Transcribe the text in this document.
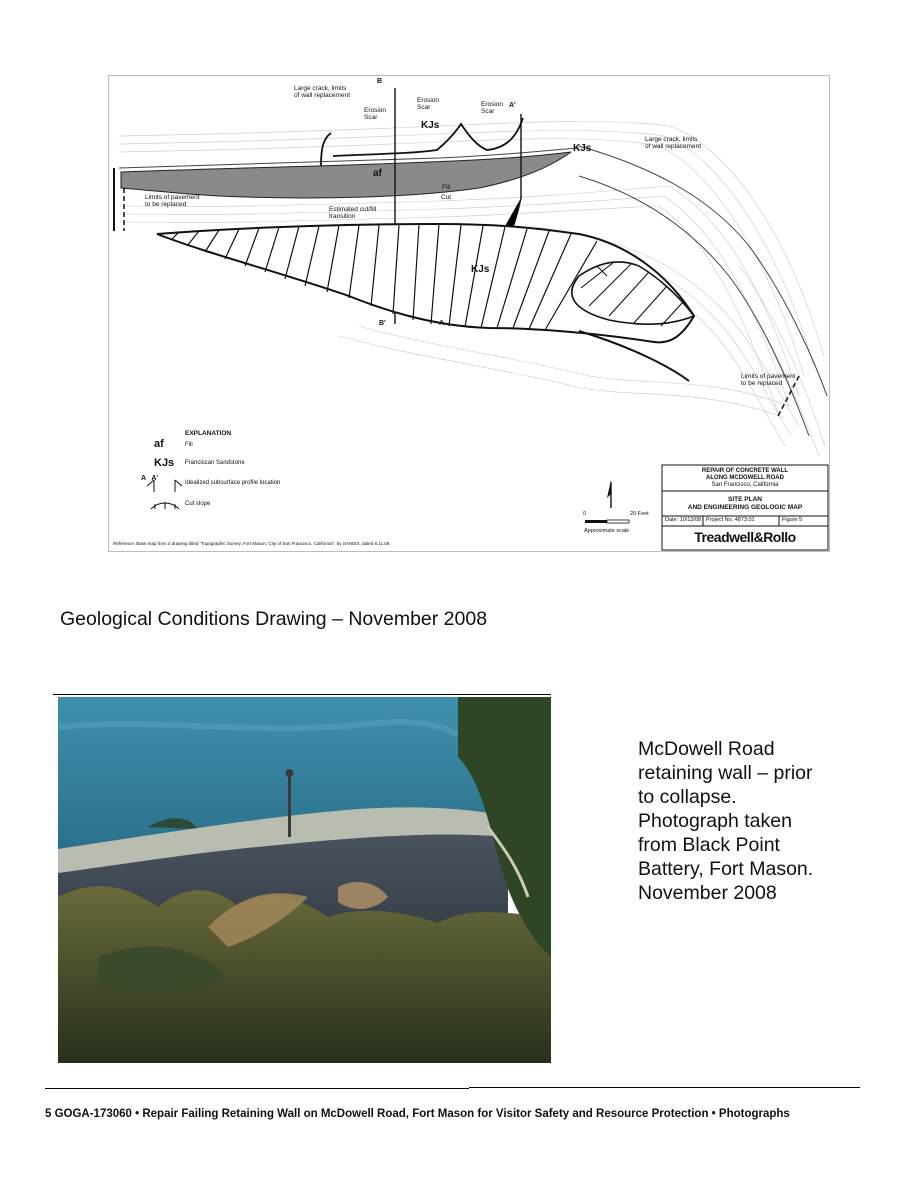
Large crack, limits
of wall replacement
Erosion
Scar
Erosion
Scar	Erosion
Scar
Large crack, limits
of wall replacement
Limits of pavement
to be replaced
Limits of pavement
to be replaced
Estimated cut/fill
transition
Fill
Cut
KJs
KJs
KJs
af
B
B'
A'
A
EXPLANATION
af	Fill
KJs Franciscan Sandstone
A   A'
Idealized subsurface profile location
Cut slope
0	20 Feet
Approximate scale
Reference: Base map from a drawing titled "Topographic Survey, Fort Mason, City of San Francisco, California", by SANDIS, dated 8.11.08.
REPAIR OF CONCRETE WALL
ALONG MCDOWELL ROAD
San Francisco, California
SITE PLAN
AND ENGINEERING GEOLOGIC MAP
Date: 10/13/08 Project No. 4873.01	Figure 5
Treadwell&Rollo
Geological Conditions Drawing – November 2008
McDowell Road
retaining wall – prior
to collapse.
Photograph taken
from Black Point
Battery, Fort Mason.
November 2008
5 GOGA-173060 • Repair Failing Retaining Wall on McDowell Road, Fort Mason for Visitor Safety and Resource Protection • Photographs
